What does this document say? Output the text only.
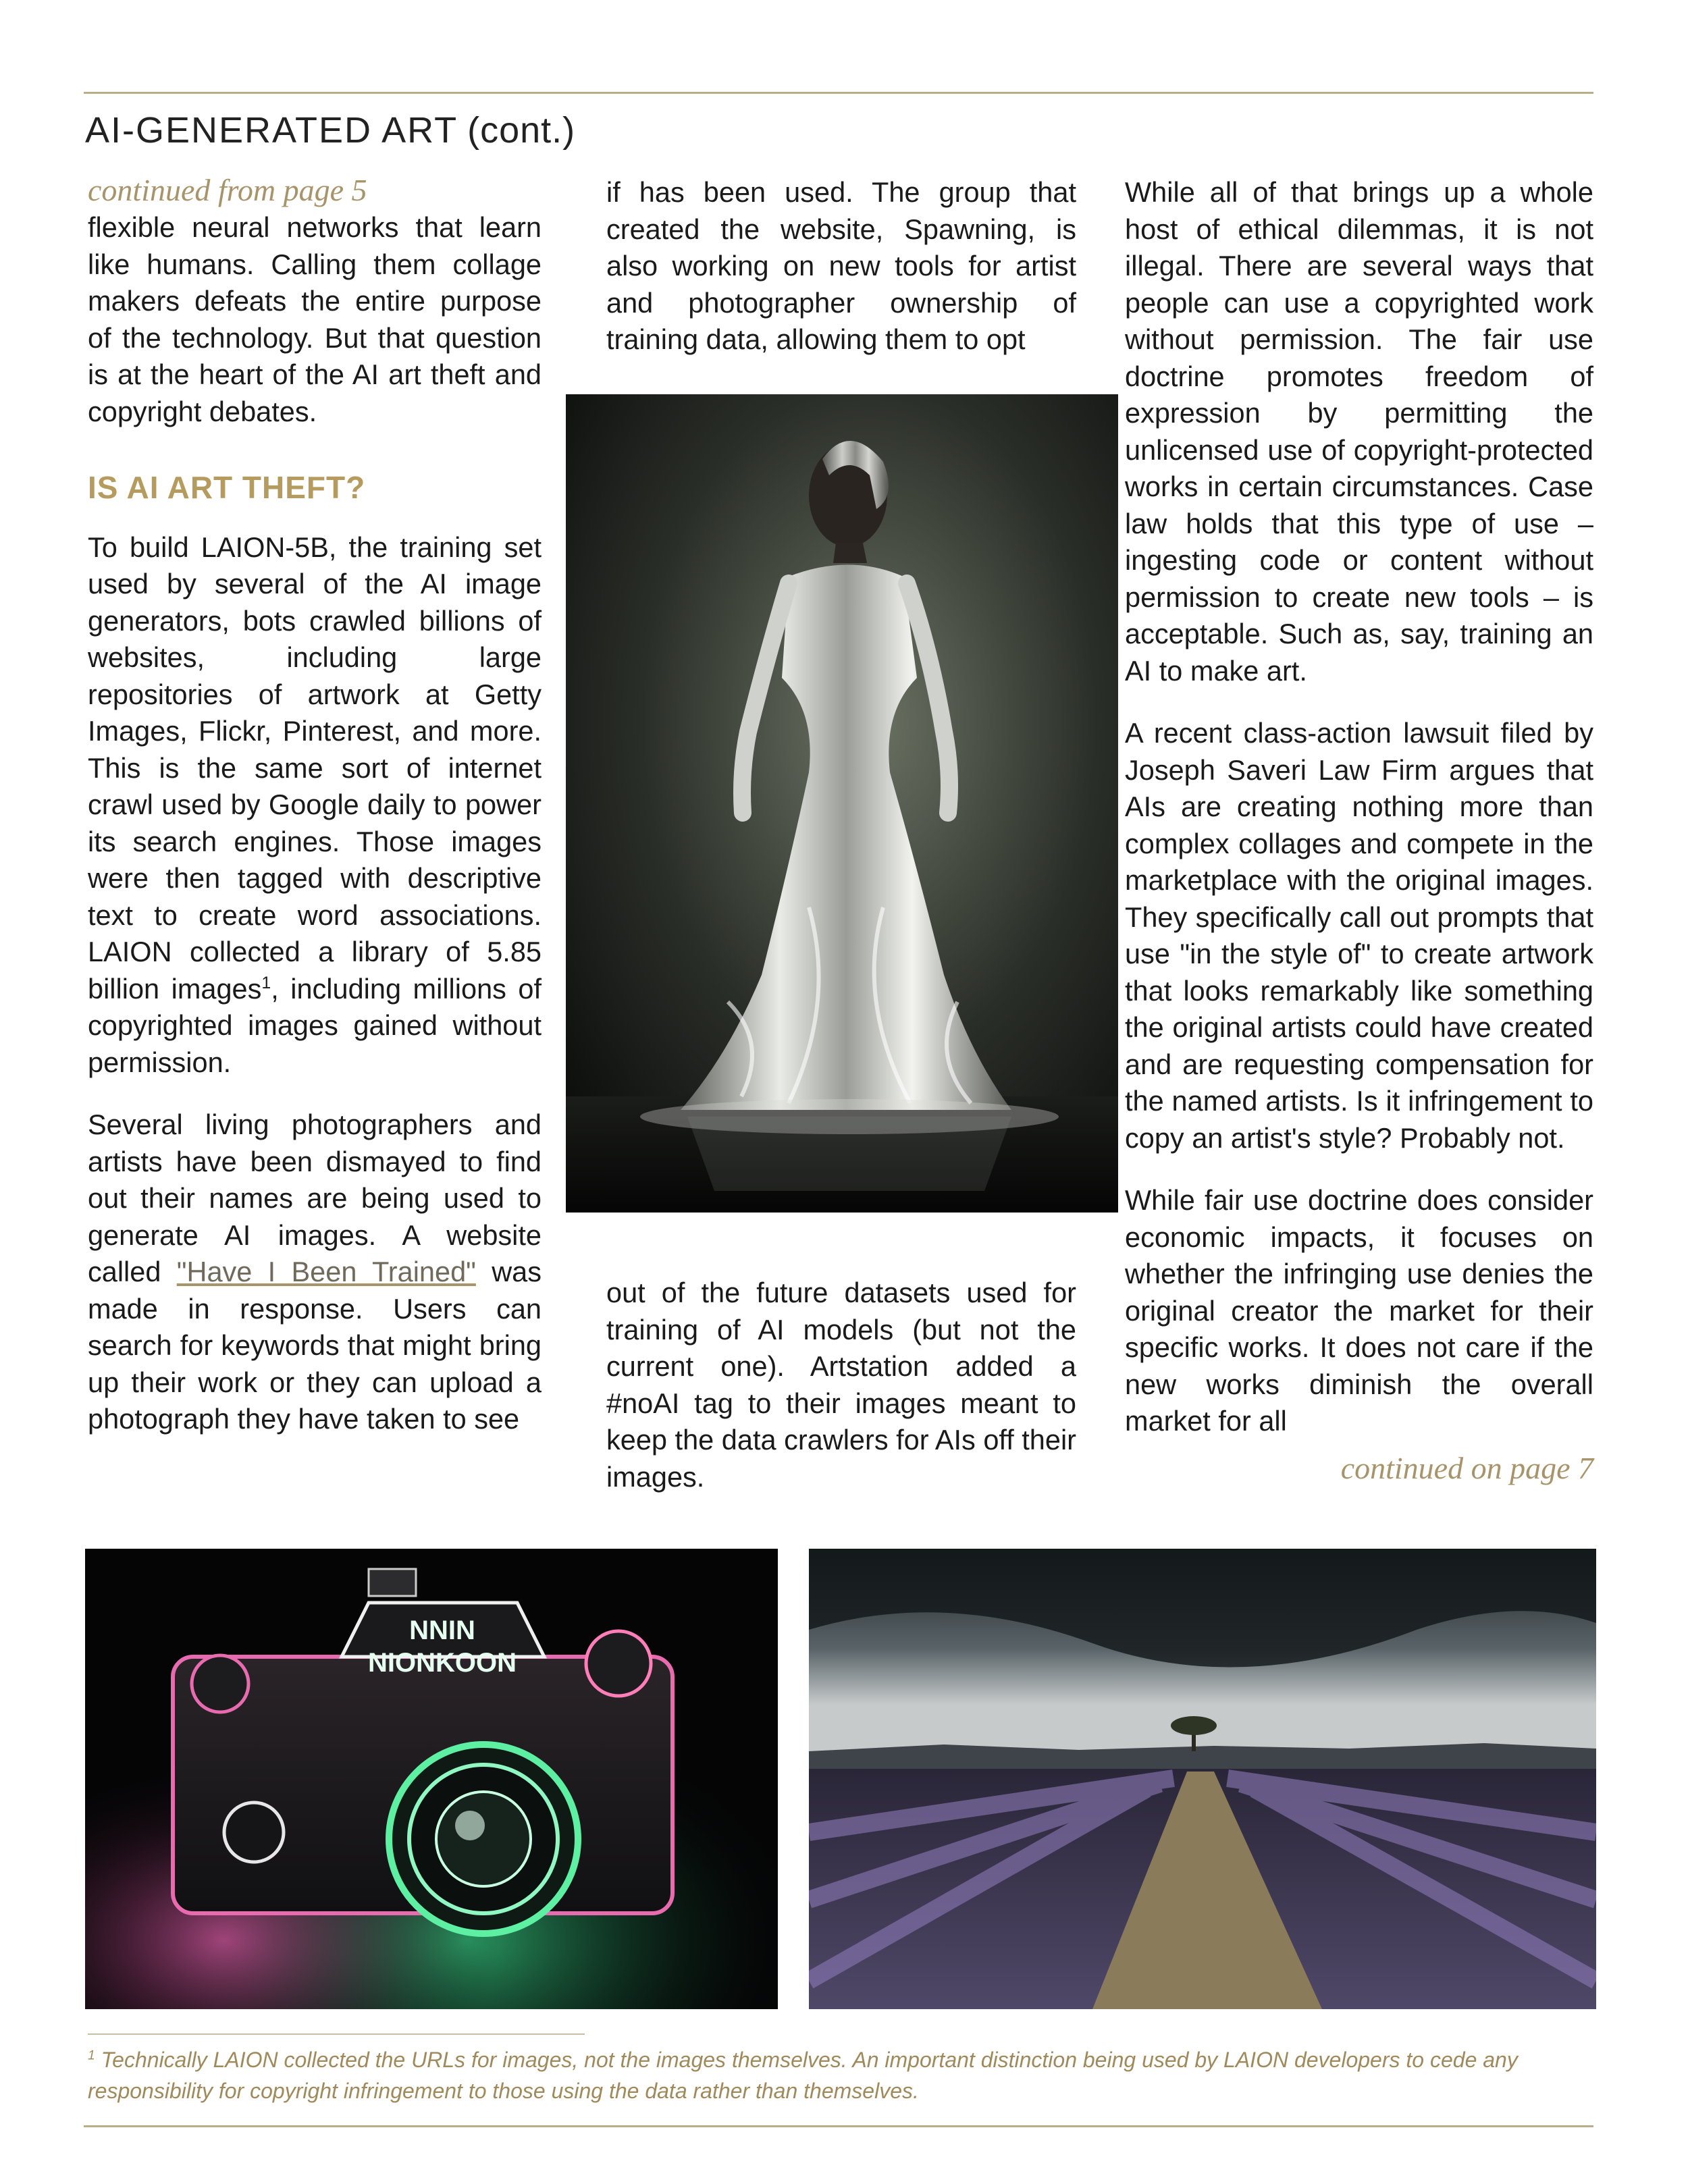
AI-GENERATED ART (cont.)
continued from page 5

flexible neural networks that learn like humans. Calling them collage makers defeats the entire purpose of the technology. But that question is at the heart of the AI art theft and copyright debates.

IS AI ART THEFT?

To build LAION-5B, the training set used by several of the AI image generators, bots crawled billions of websites, including large repositories of artwork at Getty Images, Flickr, Pinterest, and more. This is the same sort of internet crawl used by Google daily to power its search engines. Those images were then tagged with descriptive text to create word associations. LAION collected a library of 5.85 billion images$^1$, including millions of copyrighted images gained without permission.

Several living photographers and artists have been dismayed to find out their names are being used to generate AI images. A website called "Have I Been Trained" was made in response. Users can search for keywords that might bring up their work or they can upload a photograph they have taken to see

if has been used. The group that created the website, Spawning, is also working on new tools for artist and photographer ownership of training data, allowing them to opt

out of the future datasets used for training of AI models (but not the current one). Artstation added a #noAI tag to their images meant to keep the data crawlers for AIs off their images.

While all of that brings up a whole host of ethical dilemmas, it is not illegal. There are several ways that people can use a copyrighted work without permission. The fair use doctrine promotes freedom of expression by permitting the unlicensed use of copyright-protected works in certain circumstances. Case law holds that this type of use – ingesting code or content without permission to create new tools – is acceptable. Such as, say, training an AI to make art.

A recent class-action lawsuit filed by Joseph Saveri Law Firm argues that AIs are creating nothing more than complex collages and compete in the marketplace with the original images. They specifically call out prompts that use "in the style of" to create artwork that looks remarkably like something the original artists could have created and are requesting compensation for the named artists. Is it infringement to copy an artist's style? Probably not.

While fair use doctrine does consider economic impacts, it focuses on whether the infringing use denies the original creator the market for their specific works. It does not care if the new works diminish the overall market for all

continued on page 7
NNIN
NIONKOON
$^1$ Technically LAION collected the URLs for images, not the images themselves. An important distinction being used by LAION developers to cede any responsibility for copyright infringement to those using the data rather than themselves.
